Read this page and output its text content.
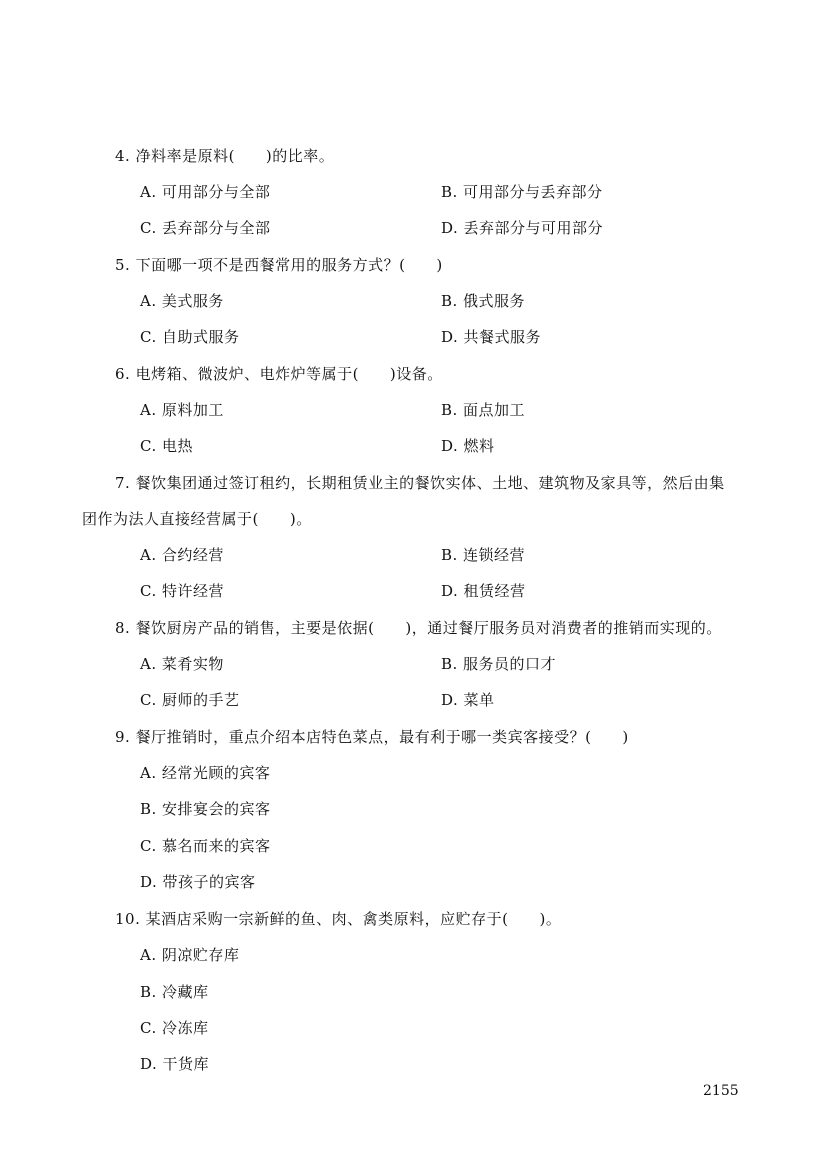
4. 净料率是原料(　　)的比率。
A. 可用部分与全部	B. 可用部分与丢弃部分
C. 丢弃部分与全部	D. 丢弃部分与可用部分
5. 下面哪一项不是西餐常用的服务方式？(　　)
A. 美式服务	B. 俄式服务
C. 自助式服务	D. 共餐式服务
6. 电烤箱、微波炉、电炸炉等属于(　　)设备。
A. 原料加工	B. 面点加工
C. 电热	D. 燃料
7. 餐饮集团通过签订租约，长期租赁业主的餐饮实体、土地、建筑物及家具等，然后由集
团作为法人直接经营属于(　　)。
A. 合约经营	B. 连锁经营
C. 特许经营	D. 租赁经营
8. 餐饮厨房产品的销售，主要是依据(　　)，通过餐厅服务员对消费者的推销而实现的。
A. 菜肴实物	B. 服务员的口才
C. 厨师的手艺	D. 菜单
9. 餐厅推销时，重点介绍本店特色菜点，最有利于哪一类宾客接受？(　　)
A. 经常光顾的宾客
B. 安排宴会的宾客
C. 慕名而来的宾客
D. 带孩子的宾客
10. 某酒店采购一宗新鲜的鱼、肉、禽类原料，应贮存于(　　)。
A. 阴凉贮存库
B. 冷藏库
C. 冷冻库
D. 干货库
2155
